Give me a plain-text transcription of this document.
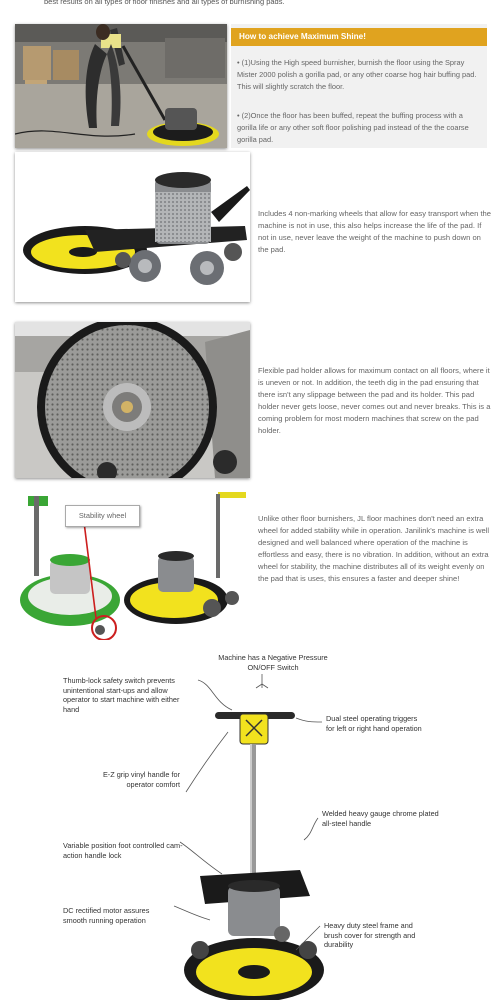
best results on all types of floor finishes and all types of burnishing pads.
How to achieve Maximum Shine!
• (1)Using the High speed burnisher, burnish the floor using the Spray Mister 2000 polish a gorilla pad, or any other coarse hog hair buffing pad. This will slightly scratch the floor.
• (2)Once the floor has been buffed, repeat the buffing process with a gorilla life or any other soft floor polishing pad instead of the the coarse gorilla pad.
Includes 4 non-marking wheels that allow for easy transport when the machine is not in use, this also helps increase the life of the pad. If not in use, never leave the weight of the machine to push down on the pad.
Flexible pad holder allows for maximum contact on all floors, where it is uneven or not. In addition, the teeth dig in the pad ensuring that there isn't any slippage between the pad and its holder. This pad holder never gets loose, never comes out and never breaks. This is a coming problem for most modern machines that screw on the pad holder.
Stability wheel	Unlike other floor burnishers, JL floor machines don't need an extra wheel for added stability while in operation. Janilink's machine is well designed and well balanced where operation of the machine is effortless and easy, there is no vibration. In addition, without an extra wheel for stability, the machine distributes all of its weight evenly on the pad that is uses, this ensures a faster and deeper shine!
Machine has a Negative Pressure ON/OFF Switch
Thumb-lock safety switch prevents unintentional start-ups and allow operator to start machine with either hand
Dual steel operating triggers for left or right hand operation
E-Z grip vinyl handle for operator comfort
Welded heavy gauge chrome plated all-steel handle
Variable position foot controlled cam-action handle lock
DC rectified motor assures smooth running operation
Heavy duty steel frame and brush cover for strength and durability
